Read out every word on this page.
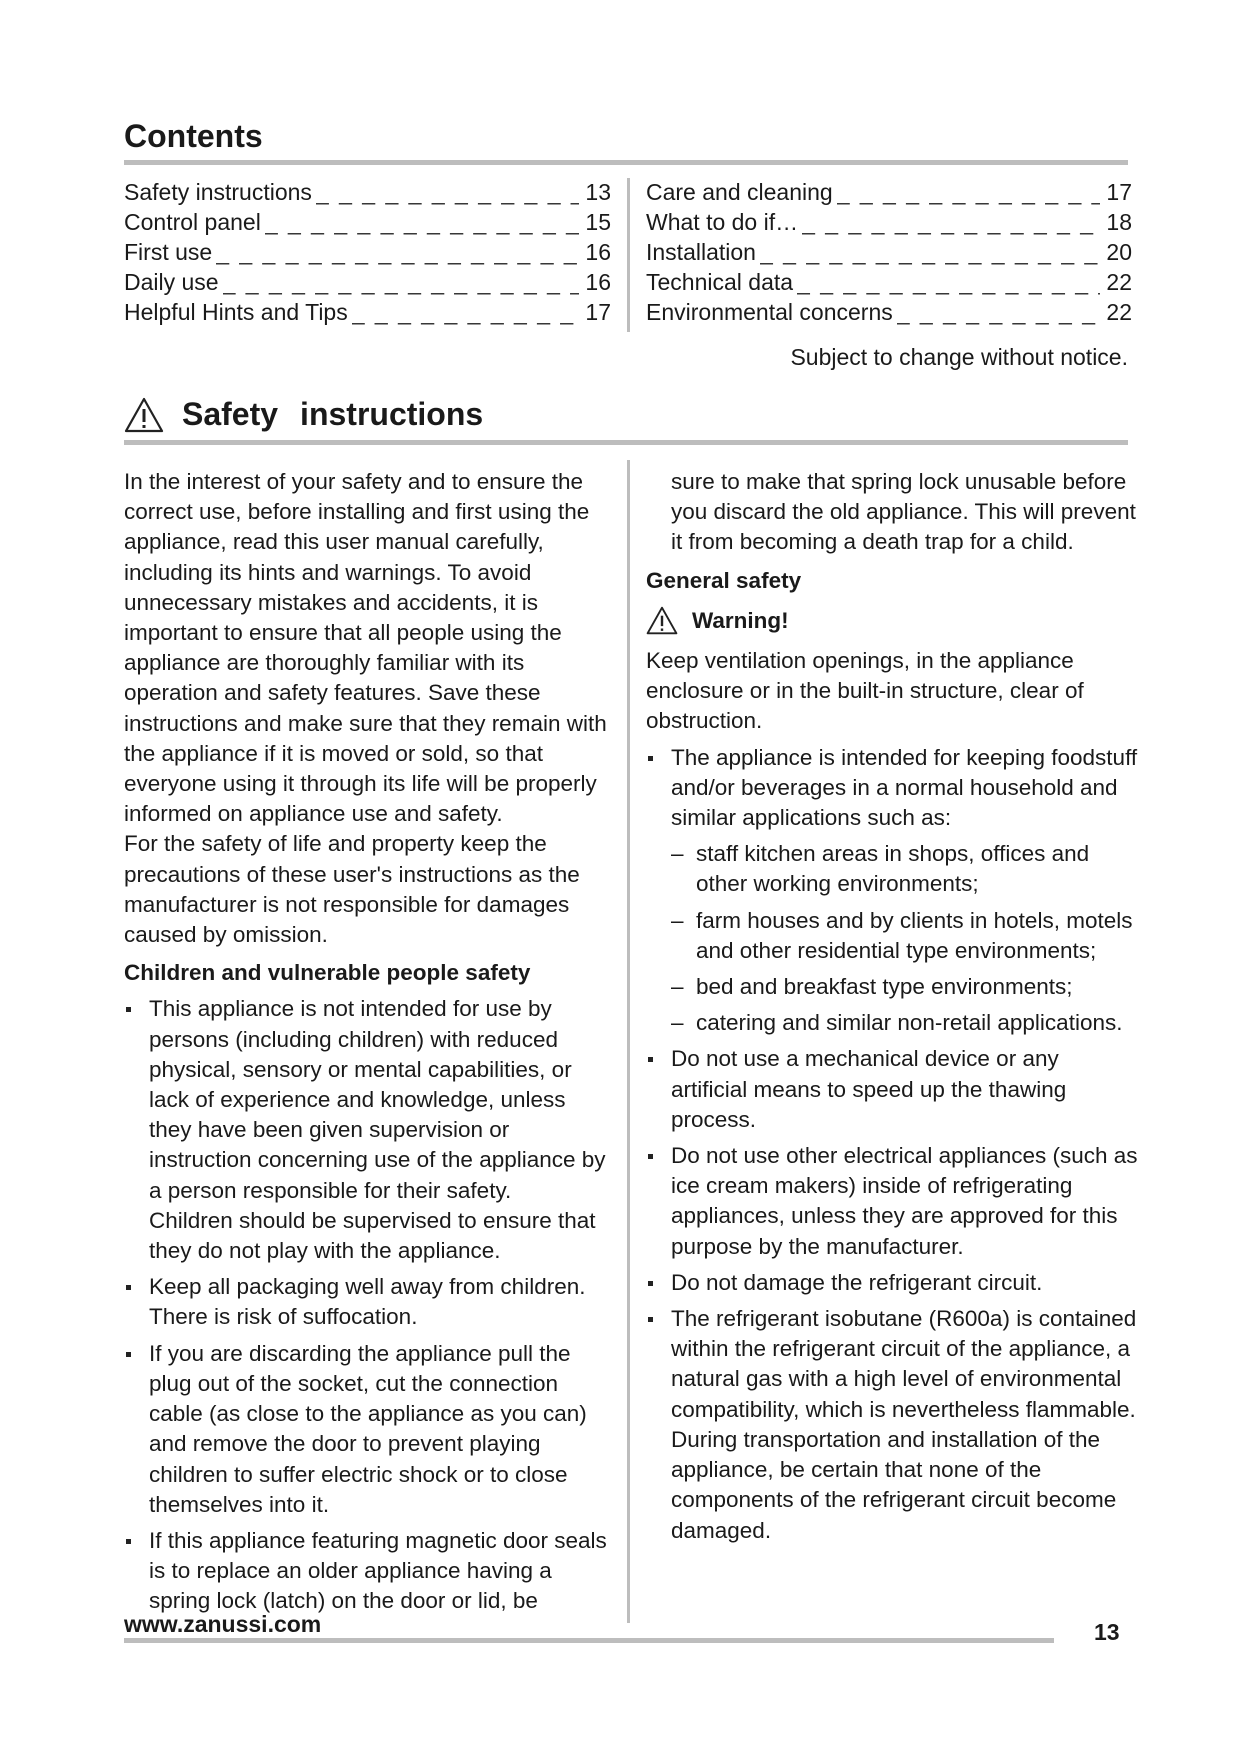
Contents
Safety instructions _ _ _	13
Control panel _ _ _	15
First use _ _ _	16
Daily use _ _ _	16
Helpful Hints and Tips _ _ _	17
Care and cleaning _ _ _	17
What to do if… _ _ _	18
Installation _ _ _	20
Technical data _ _ _	22
Environmental concerns _ _ _	22
Subject to change without notice.
Safety instructions

In the interest of your safety and to ensure the correct use, before installing and first using the appliance, read this user manual carefully, including its hints and warnings. To avoid unnecessary mistakes and accidents, it is important to ensure that all people using the appliance are thoroughly familiar with its operation and safety features. Save these instructions and make sure that they remain with the appliance if it is moved or sold, so that everyone using it through its life will be properly informed on appliance use and safety.

For the safety of life and property keep the precautions of these user's instructions as the manufacturer is not responsible for damages caused by omission.

Children and vulnerable people safety

This appliance is not intended for use by persons (including children) with reduced physical, sensory or mental capabilities, or lack of experience and knowledge, unless they have been given supervision or instruction concerning use of the appliance by a person responsible for their safety.

Children should be supervised to ensure that they do not play with the appliance.

Keep all packaging well away from children. There is risk of suffocation.

If you are discarding the appliance pull the plug out of the socket, cut the connection cable (as close to the appliance as you can) and remove the door to prevent playing children to suffer electric shock or to close themselves into it.

If this appliance featuring magnetic door seals is to replace an older appliance having a spring lock (latch) on the door or lid, be

sure to make that spring lock unusable before you discard the old appliance. This will prevent it from becoming a death trap for a child.

General safety

Warning!

Keep ventilation openings, in the appliance enclosure or in the built-in structure, clear of obstruction.

The appliance is intended for keeping foodstuff and/or beverages in a normal household and similar applications such as:

– staff kitchen areas in shops, offices and other working environments;

– farm houses and by clients in hotels, motels and other residential type environments;

– bed and breakfast type environments;

– catering and similar non-retail applications.

Do not use a mechanical device or any artificial means to speed up the thawing process.

Do not use other electrical appliances (such as ice cream makers) inside of refrigerating appliances, unless they are approved for this purpose by the manufacturer.

Do not damage the refrigerant circuit.

The refrigerant isobutane (R600a) is contained within the refrigerant circuit of the appliance, a natural gas with a high level of environmental compatibility, which is nevertheless flammable.

During transportation and installation of the appliance, be certain that none of the components of the refrigerant circuit become damaged.

www.zanussi.com	13
